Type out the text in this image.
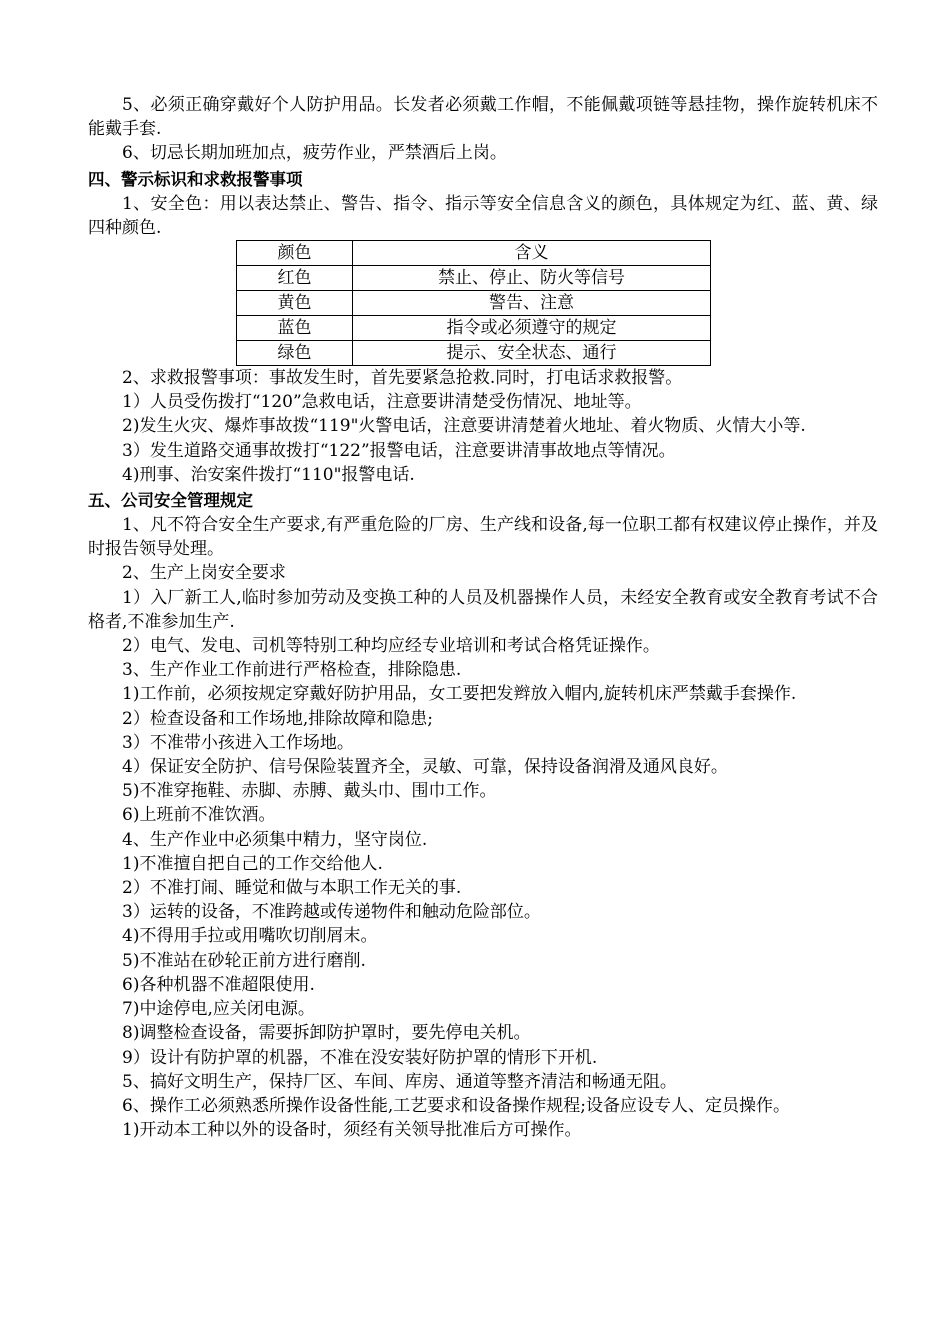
5、必须正确穿戴好个人防护用品。长发者必须戴工作帽，不能佩戴项链等悬挂物，操作旋转机床不能戴手套.

6、切忌长期加班加点，疲劳作业，严禁酒后上岗。

四、警示标识和求救报警事项

1、安全色：用以表达禁止、警告、指令、指示等安全信息含义的颜色，具体规定为红、蓝、黄、绿四种颜色.

颜色	含义
红色	禁止、停止、防火等信号
黄色	警告、注意
蓝色	指令或必须遵守的规定
绿色	提示、安全状态、通行

2、求救报警事项：事故发生时，首先要紧急抢救.同时，打电话求救报警。

1）人员受伤拨打“120”急救电话，注意要讲清楚受伤情况、地址等。

2)发生火灾、爆炸事故拨“119"火警电话，注意要讲清楚着火地址、着火物质、火情大小等.

3）发生道路交通事故拨打“122”报警电话，注意要讲清事故地点等情况。

4)刑事、治安案件拨打“110"报警电话.

五、公司安全管理规定

1、凡不符合安全生产要求,有严重危险的厂房、生产线和设备,每一位职工都有权建议停止操作，并及时报告领导处理。

2、生产上岗安全要求

1）入厂新工人,临时参加劳动及变换工种的人员及机器操作人员，未经安全教育或安全教育考试不合格者,不准参加生产.

2）电气、发电、司机等特别工种均应经专业培训和考试合格凭证操作。

3、生产作业工作前进行严格检查，排除隐患.

1)工作前，必须按规定穿戴好防护用品，女工要把发辫放入帽内,旋转机床严禁戴手套操作.

2）检查设备和工作场地,排除故障和隐患;

3）不准带小孩进入工作场地。

4）保证安全防护、信号保险装置齐全，灵敏、可靠，保持设备润滑及通风良好。

5)不准穿拖鞋、赤脚、赤膊、戴头巾、围巾工作。

6)上班前不准饮酒。

4、生产作业中必须集中精力，坚守岗位.

1)不准擅自把自己的工作交给他人.

2）不准打闹、睡觉和做与本职工作无关的事.

3）运转的设备，不准跨越或传递物件和触动危险部位。

4)不得用手拉或用嘴吹切削屑末。

5)不准站在砂轮正前方进行磨削.

6)各种机器不准超限使用.

7)中途停电,应关闭电源。

8)调整检查设备，需要拆卸防护罩时，要先停电关机。

9）设计有防护罩的机器，不准在没安装好防护罩的情形下开机.

5、搞好文明生产，保持厂区、车间、库房、通道等整齐清洁和畅通无阻。

6、操作工必须熟悉所操作设备性能,工艺要求和设备操作规程;设备应设专人、定员操作。

1)开动本工种以外的设备时，须经有关领导批准后方可操作。
